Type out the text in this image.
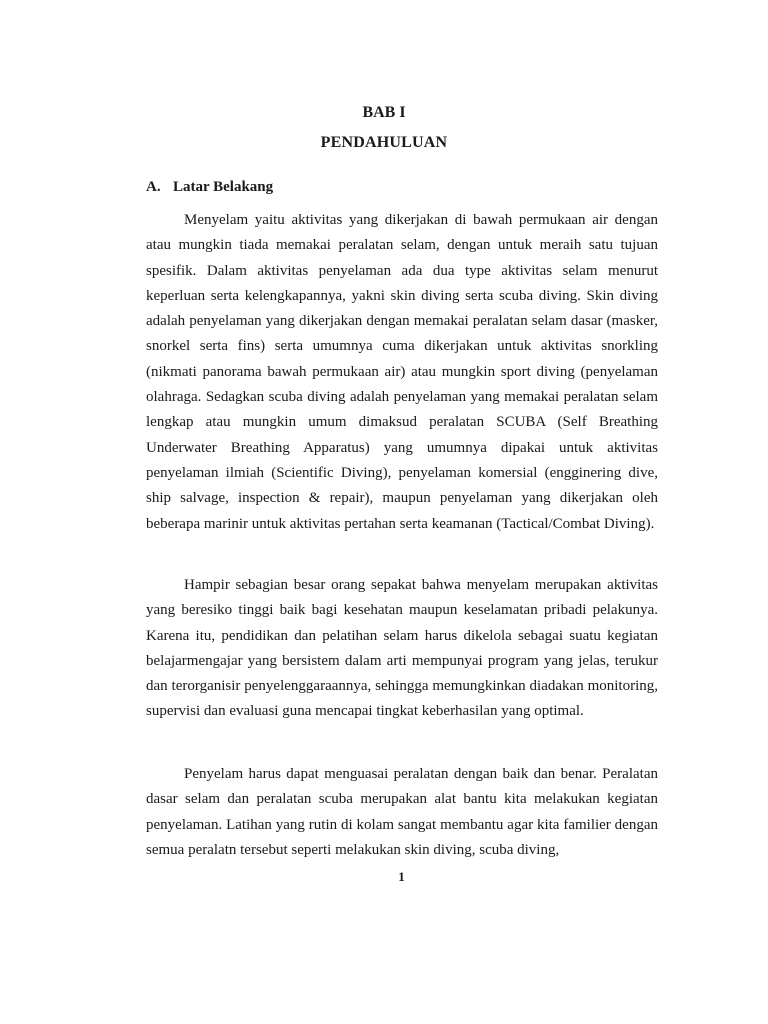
BAB I
PENDAHULUAN
A. Latar Belakang

Menyelam yaitu aktivitas yang dikerjakan di bawah permukaan air dengan atau mungkin tiada memakai peralatan selam, dengan untuk meraih satu tujuan spesifik. Dalam aktivitas penyelaman ada dua type aktivitas selam menurut keperluan serta kelengkapannya, yakni skin diving serta scuba diving. Skin diving adalah penyelaman yang dikerjakan dengan memakai peralatan selam dasar (masker, snorkel serta fins) serta umumnya cuma dikerjakan untuk aktivitas snorkling (nikmati panorama bawah permukaan air) atau mungkin sport diving (penyelaman olahraga. Sedagkan scuba diving adalah penyelaman yang memakai peralatan selam lengkap atau mungkin umum dimaksud peralatan SCUBA (Self Breathing Underwater Breathing Apparatus) yang umumnya dipakai untuk aktivitas penyelaman ilmiah (Scientific Diving), penyelaman komersial (engginering dive, ship salvage, inspection & repair), maupun penyelaman yang dikerjakan oleh beberapa marinir untuk aktivitas pertahan serta keamanan (Tactical/Combat Diving).

Hampir sebagian besar orang sepakat bahwa menyelam merupakan aktivitas yang beresiko tinggi baik bagi kesehatan maupun keselamatan pribadi pelakunya. Karena itu, pendidikan dan pelatihan selam harus dikelola sebagai suatu kegiatan belajarmengajar yang bersistem dalam arti mempunyai program yang jelas, terukur dan terorganisir penyelenggaraannya, sehingga memungkinkan diadakan monitoring, supervisi dan evaluasi guna mencapai tingkat keberhasilan yang optimal.

Penyelam harus dapat menguasai peralatan dengan baik dan benar. Peralatan dasar selam dan peralatan scuba merupakan alat bantu kita melakukan kegiatan penyelaman. Latihan yang rutin di kolam sangat membantu agar kita familier dengan semua peralatn tersebut seperti melakukan skin diving, scuba diving,

1
